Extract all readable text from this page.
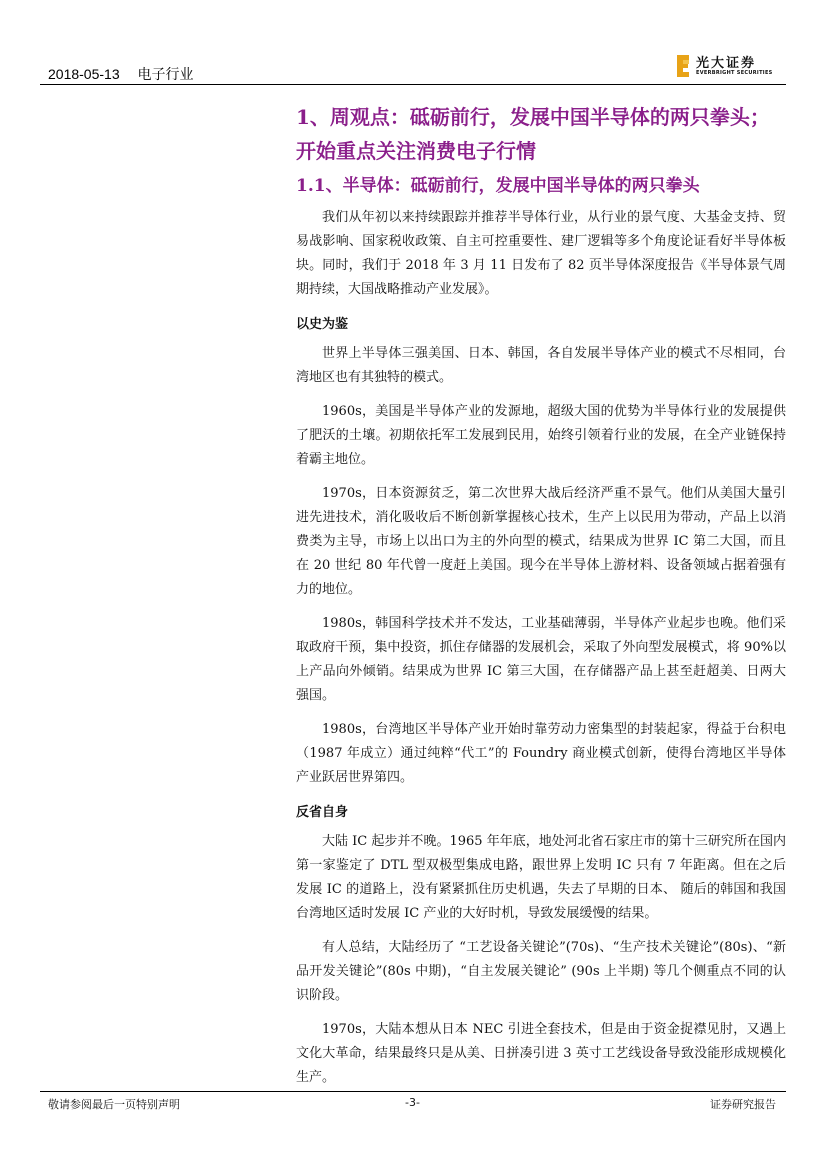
2018-05-13 电子行业
光大证券
EVERBRIGHT SECURITIES
1、周观点：砥砺前行，发展中国半导体的两只拳头；开始重点关注消费电子行情
1.1、半导体：砥砺前行，发展中国半导体的两只拳头

我们从年初以来持续跟踪并推荐半导体行业，从行业的景气度、大基金支持、贸易战影响、国家税收政策、自主可控重要性、建厂逻辑等多个角度论证看好半导体板块。同时，我们于 2018 年 3 月 11 日发布了 82 页半导体深度报告《半导体景气周期持续，大国战略推动产业发展》。

以史为鉴

世界上半导体三强美国、日本、韩国，各自发展半导体产业的模式不尽相同，台湾地区也有其独特的模式。

1960s，美国是半导体产业的发源地，超级大国的优势为半导体行业的发展提供了肥沃的土壤。初期依托军工发展到民用，始终引领着行业的发展，在全产业链保持着霸主地位。

1970s，日本资源贫乏，第二次世界大战后经济严重不景气。他们从美国大量引进先进技术，消化吸收后不断创新掌握核心技术，生产上以民用为带动，产品上以消费类为主导，市场上以出口为主的外向型的模式，结果成为世界 IC 第二大国，而且在 20 世纪 80 年代曾一度赶上美国。现今在半导体上游材料、设备领域占据着强有力的地位。

1980s，韩国科学技术并不发达，工业基础薄弱，半导体产业起步也晚。他们采取政府干预，集中投资，抓住存储器的发展机会，采取了外向型发展模式，将 90%以上产品向外倾销。结果成为世界 IC 第三大国，在存储器产品上甚至赶超美、日两大强国。

1980s，台湾地区半导体产业开始时靠劳动力密集型的封装起家，得益于台积电（1987 年成立）通过纯粹“代工”的 Foundry 商业模式创新，使得台湾地区半导体产业跃居世界第四。

反省自身

大陆 IC 起步并不晚。1965 年年底，地处河北省石家庄市的第十三研究所在国内第一家鉴定了 DTL 型双极型集成电路，跟世界上发明 IC 只有 7 年距离。但在之后发展 IC 的道路上，没有紧紧抓住历史机遇，失去了早期的日本、 随后的韩国和我国台湾地区适时发展 IC 产业的大好时机，导致发展缓慢的结果。

有人总结，大陆经历了 “工艺设备关键论”(70s)、“生产技术关键论”(80s)、“新品开发关键论”(80s 中期)，“自主发展关键论” (90s 上半期) 等几个侧重点不同的认识阶段。

1970s，大陆本想从日本 NEC 引进全套技术，但是由于资金捉襟见肘，又遇上文化大革命，结果最终只是从美、日拼凑引进 3 英寸工艺线设备导致没能形成规模化生产。

敬请参阅最后一页特别声明	-3-	证券研究报告
